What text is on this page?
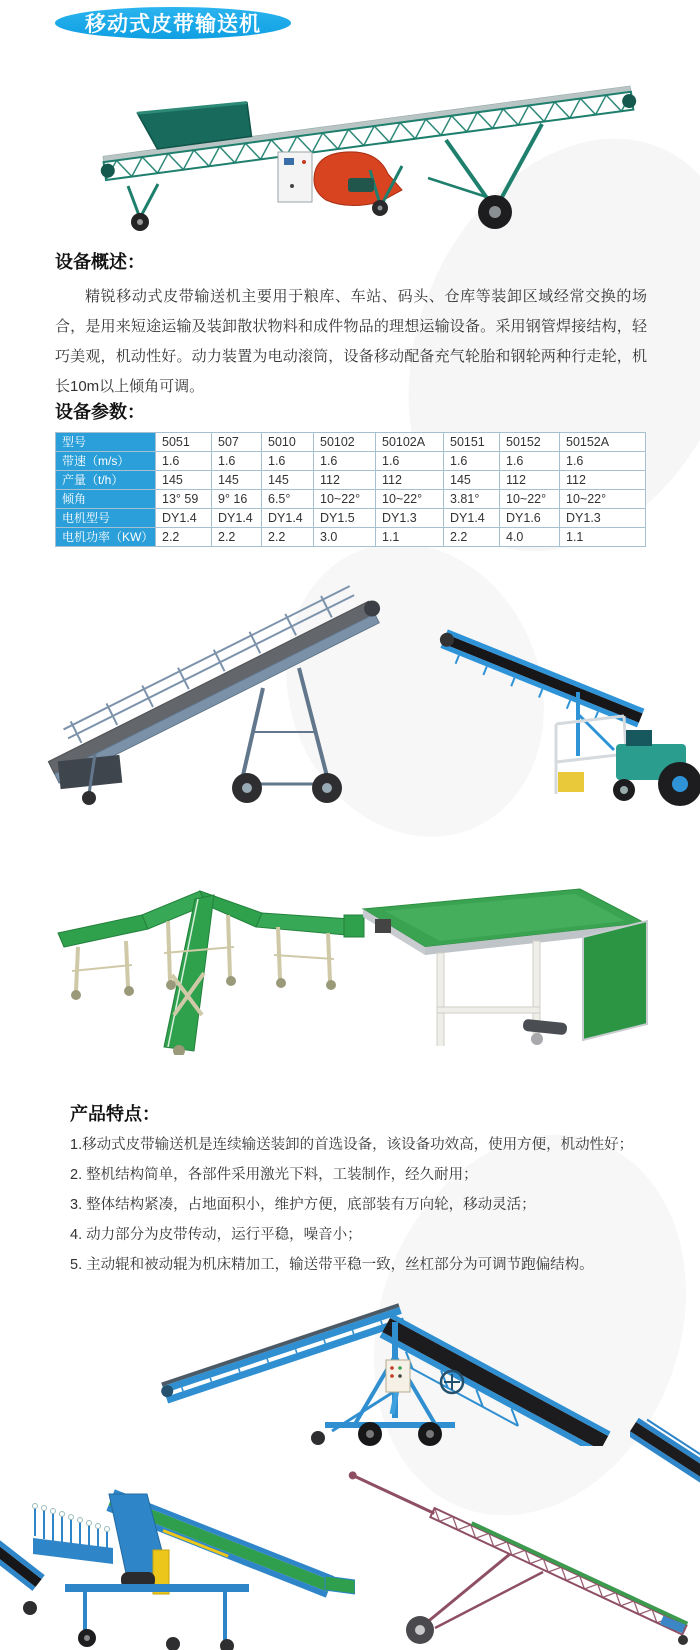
移动式皮带输送机
设备概述：

精锐移动式皮带输送机主要用于粮库、车站、码头、仓库等装卸区域经常交换的场合，是用来短途运输及装卸散状物料和成件物品的理想运输设备。采用钢管焊接结构，轻巧美观，机动性好。动力装置为电动滚筒，设备移动配备充气轮胎和钢轮两种行走轮，机长10m以上倾角可调。

设备参数：
型号	5051	507	5010	50102	50102A	50151	50152	50152A
带速（m/s）	1.6	1.6	1.6	1.6	1.6	1.6	1.6	1.6
产量（t/h）	145	145	145	112	112	145	112	112
倾角	13° 59	9° 16	6.5°	10~22°	10~22°	3.81°	10~22°	10~22°
电机型号	DY1.4	DY1.4	DY1.4	DY1.5	DY1.3	DY1.4	DY1.6	DY1.3
电机功率（KW）	2.2	2.2	2.2	3.0	1.1	2.2	4.0	1.1
产品特点：

1.移动式皮带输送机是连续输送装卸的首选设备，该设备功效高，使用方便，机动性好；

2. 整机结构简单，各部件采用激光下料，工装制作，经久耐用；

3. 整体结构紧凑，占地面积小，维护方便，底部装有万向轮，移动灵活；

4. 动力部分为皮带传动，运行平稳，噪音小；

5. 主动辊和被动辊为机床精加工，输送带平稳一致，丝杠部分为可调节跑偏结构。
